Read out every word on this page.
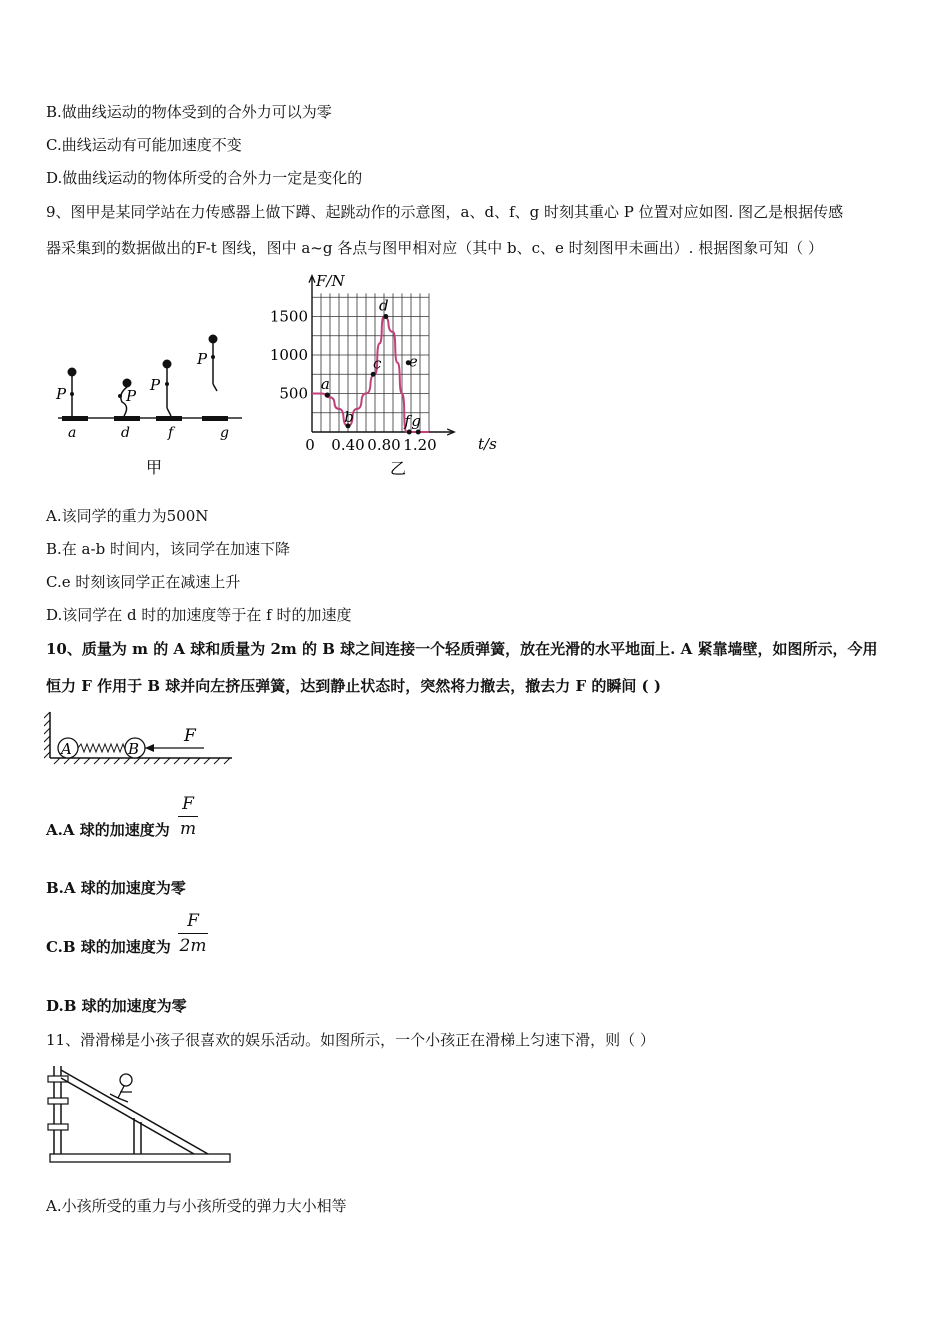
B.做曲线运动的物体受到的合外力可以为零
C.曲线运动有可能加速度不变
D.做曲线运动的物体所受的合外力一定是变化的
9、图甲是某同学站在力传感器上做下蹲、起跳动作的示意图，a、d、f、g 时刻其重心 P 位置对应如图. 图乙是根据传感
器采集到的数据做出的F-t 图线，图中 a~g 各点与图甲相对应（其中 b、c、e 时刻图甲未画出）. 根据图象可知（ ）
P
a
P
d
P
f
P
g
甲
500
1000
1500
0 0.40 0.80 1.20
a
b
c
d
e
f g
F/N
t/s
乙
A.该同学的重力为500N
B.在 a-b 时间内，该同学在加速下降
C.e 时刻该同学正在减速上升
D.该同学在 d 时的加速度等于在 f 时的加速度
10、质量为 m 的 A 球和质量为 2m 的 B 球之间连接一个轻质弹簧，放在光滑的水平地面上. A 紧靠墙壁，如图所示，今用
恒力 F 作用于 B 球并向左挤压弹簧，达到静止状态时，突然将力撤去，撤去力 F 的瞬间 ( )
A	B
F
A.A 球的加速度为
F
m
B.A 球的加速度为零
C.B 球的加速度为
F
2m
D.B 球的加速度为零
11、滑滑梯是小孩子很喜欢的娱乐活动。如图所示，一个小孩正在滑梯上匀速下滑，则（ ）
A.小孩所受的重力与小孩所受的弹力大小相等
